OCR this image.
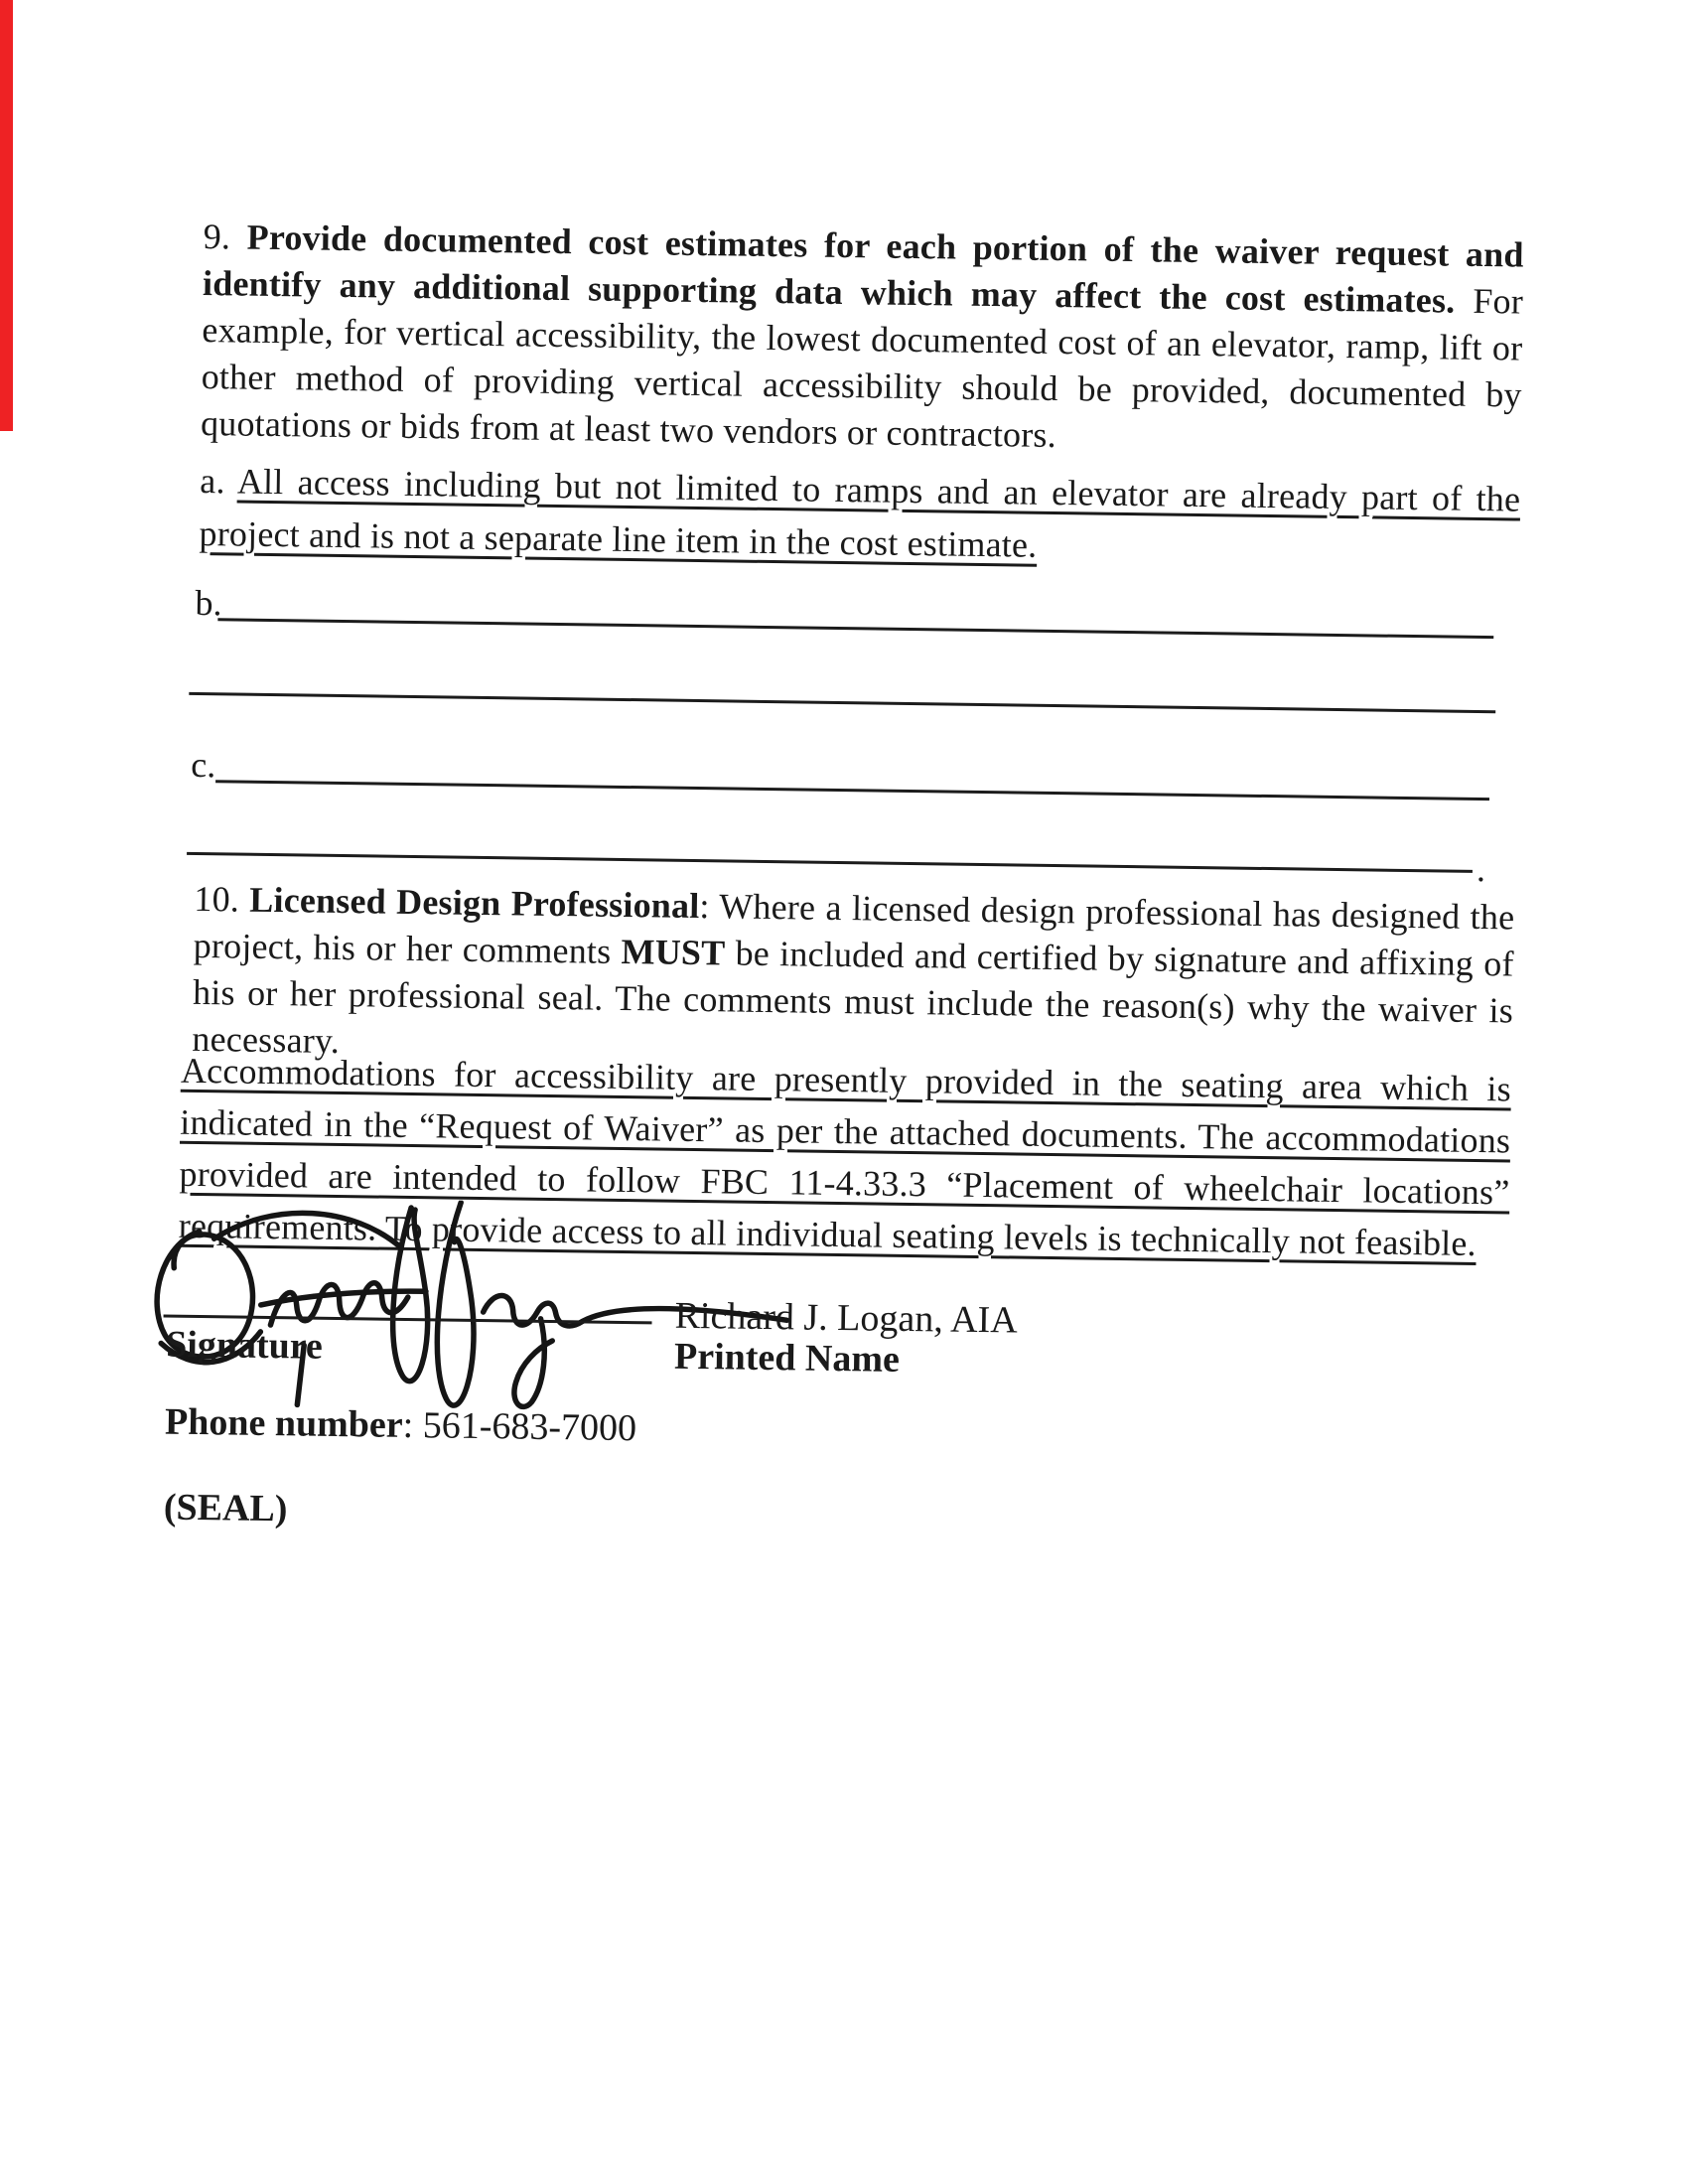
9. Provide documented cost estimates for each portion of the waiver request and identify any additional supporting data which may affect the cost estimates. For example, for vertical accessibility, the lowest documented cost of an elevator, ramp, lift or other method of providing vertical accessibility should be provided, documented by quotations or bids from at least two vendors or contractors.
a. All access including but not limited to ramps and an elevator are already part of the project and is not a separate line item in the cost estimate.
b.
c.
.
10. Licensed Design Professional: Where a licensed design professional has designed the project, his or her comments MUST be included and certified by signature and affixing of his or her professional seal. The comments must include the reason(s) why the waiver is necessary.
Accommodations for accessibility are presently provided in the seating area which is indicated in the “Request of Waiver” as per the attached documents. The accommodations provided are intended to follow FBC 11-4.33.3 “Placement of wheelchair locations” requirements. To provide access to all individual seating levels is technically not feasible.
Signature
Richard J. Logan, AIA
Printed Name
Phone number: 561-683-7000
(SEAL)
